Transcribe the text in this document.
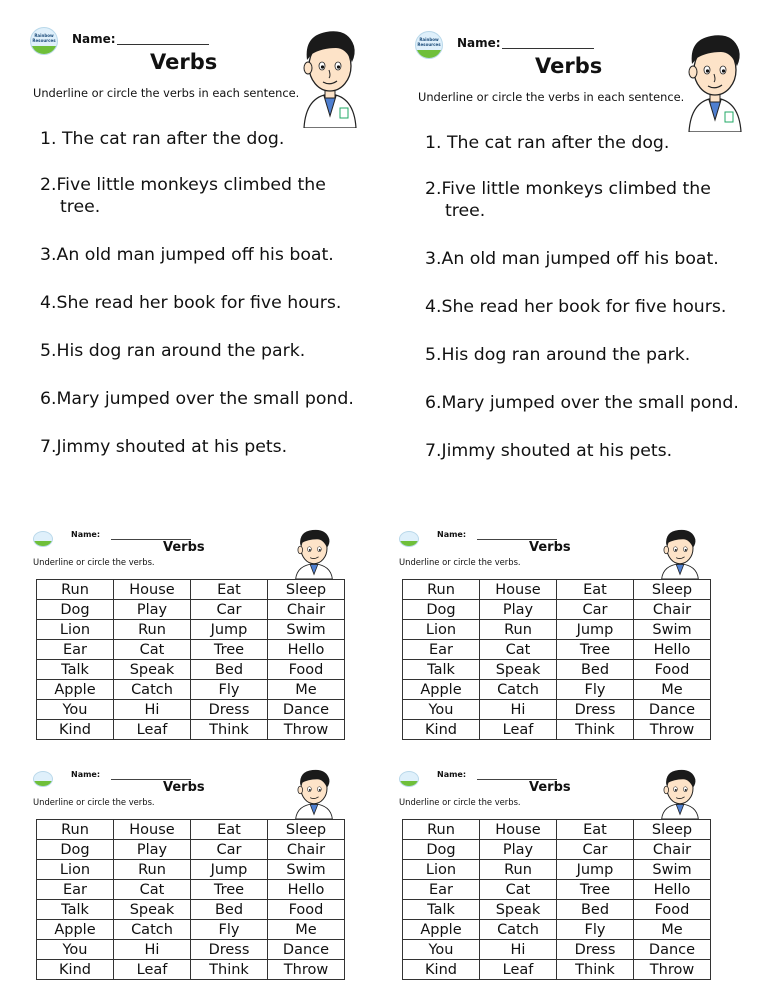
Rainbow Resources Name:
Verbs
Underline or circle the verbs in each sentence.
1. The cat ran after the dog.
2.Five little monkeys climbed the
tree.
3.An old man jumped off his boat.
4.She read her book for five hours.
5.His dog ran around the park.
6.Mary jumped over the small pond.
7.Jimmy shouted at his pets.
Rainbow Resources Name:
Verbs
Underline or circle the verbs in each sentence.
1. The cat ran after the dog.
2.Five little monkeys climbed the
tree.
3.An old man jumped off his boat.
4.She read her book for five hours.
5.His dog ran around the park.
6.Mary jumped over the small pond.
7.Jimmy shouted at his pets.
Name:
Verbs
Underline or circle the verbs.
Run	House	Eat	Sleep
Dog	Play	Car	Chair
Lion	Run	Jump	Swim
Ear	Cat	Tree	Hello
Talk	Speak	Bed	Food
Apple	Catch	Fly	Me
You	Hi	Dress	Dance
Kind	Leaf	Think	Throw
Name:
Verbs
Underline or circle the verbs.
Run	House	Eat	Sleep
Dog	Play	Car	Chair
Lion	Run	Jump	Swim
Ear	Cat	Tree	Hello
Talk	Speak	Bed	Food
Apple	Catch	Fly	Me
You	Hi	Dress	Dance
Kind	Leaf	Think	Throw
Name:
Verbs
Underline or circle the verbs.
Run	House	Eat	Sleep
Dog	Play	Car	Chair
Lion	Run	Jump	Swim
Ear	Cat	Tree	Hello
Talk	Speak	Bed	Food
Apple	Catch	Fly	Me
You	Hi	Dress	Dance
Kind	Leaf	Think	Throw
Name:
Verbs
Underline or circle the verbs.
Run	House	Eat	Sleep
Dog	Play	Car	Chair
Lion	Run	Jump	Swim
Ear	Cat	Tree	Hello
Talk	Speak	Bed	Food
Apple	Catch	Fly	Me
You	Hi	Dress	Dance
Kind	Leaf	Think	Throw
